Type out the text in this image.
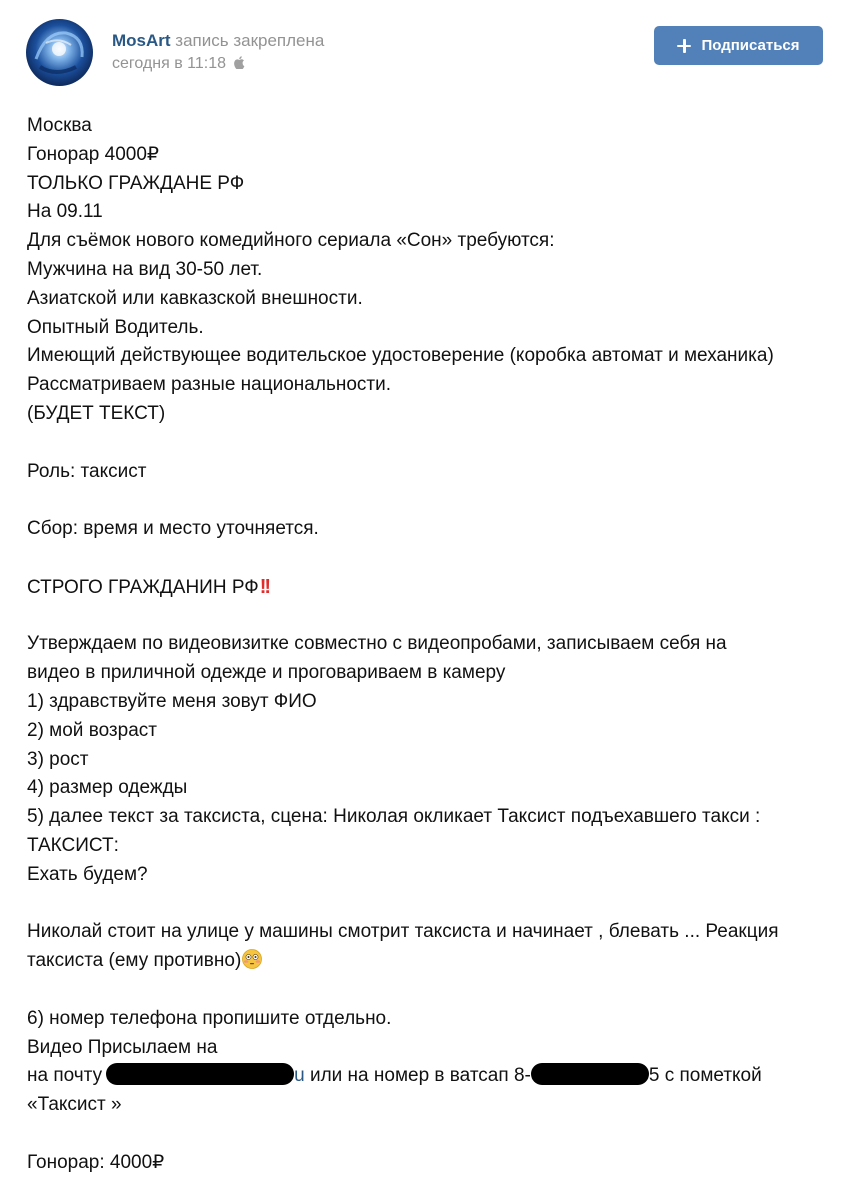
MosArt запись закреплена
сегодня в 11:18
Подписаться
Москва
Гонорар 4000₽
ТОЛЬКО ГРАЖДАНЕ РФ
На 09.11
Для съёмок нового комедийного сериала «Сон» требуются:
Мужчина на вид 30-50 лет.
Азиатской или кавказской внешности.
Опытный Водитель.
Имеющий действующее водительское удостоверение (коробка автомат и механика)
Рассматриваем разные национальности.
(БУДЕТ ТЕКСТ)
Роль: таксист
Сбор: время и место уточняется.
СТРОГО ГРАЖДАНИН РФ!!
Утверждаем по видеовизитке совместно с видеопробами, записываем себя на
видео в приличной одежде и проговариваем в камеру
1) здравствуйте меня зовут ФИО
2) мой возраст
3) рост
4) размер одежды
5) далее текст за таксиста, сцена: Николая окликает Таксист подъехавшего такси :
ТАКСИСТ:
Ехать будем?
Николай стоит на улице у машины смотрит таксиста и начинает , блевать ... Реакция
таксиста (ему противно)
6) номер телефона пропишите отдельно.
Видео Присылаем на
на почту	u или на номер в ватсап 8-	5 с пометкой
«Таксист »
Гонорар: 4000₽
